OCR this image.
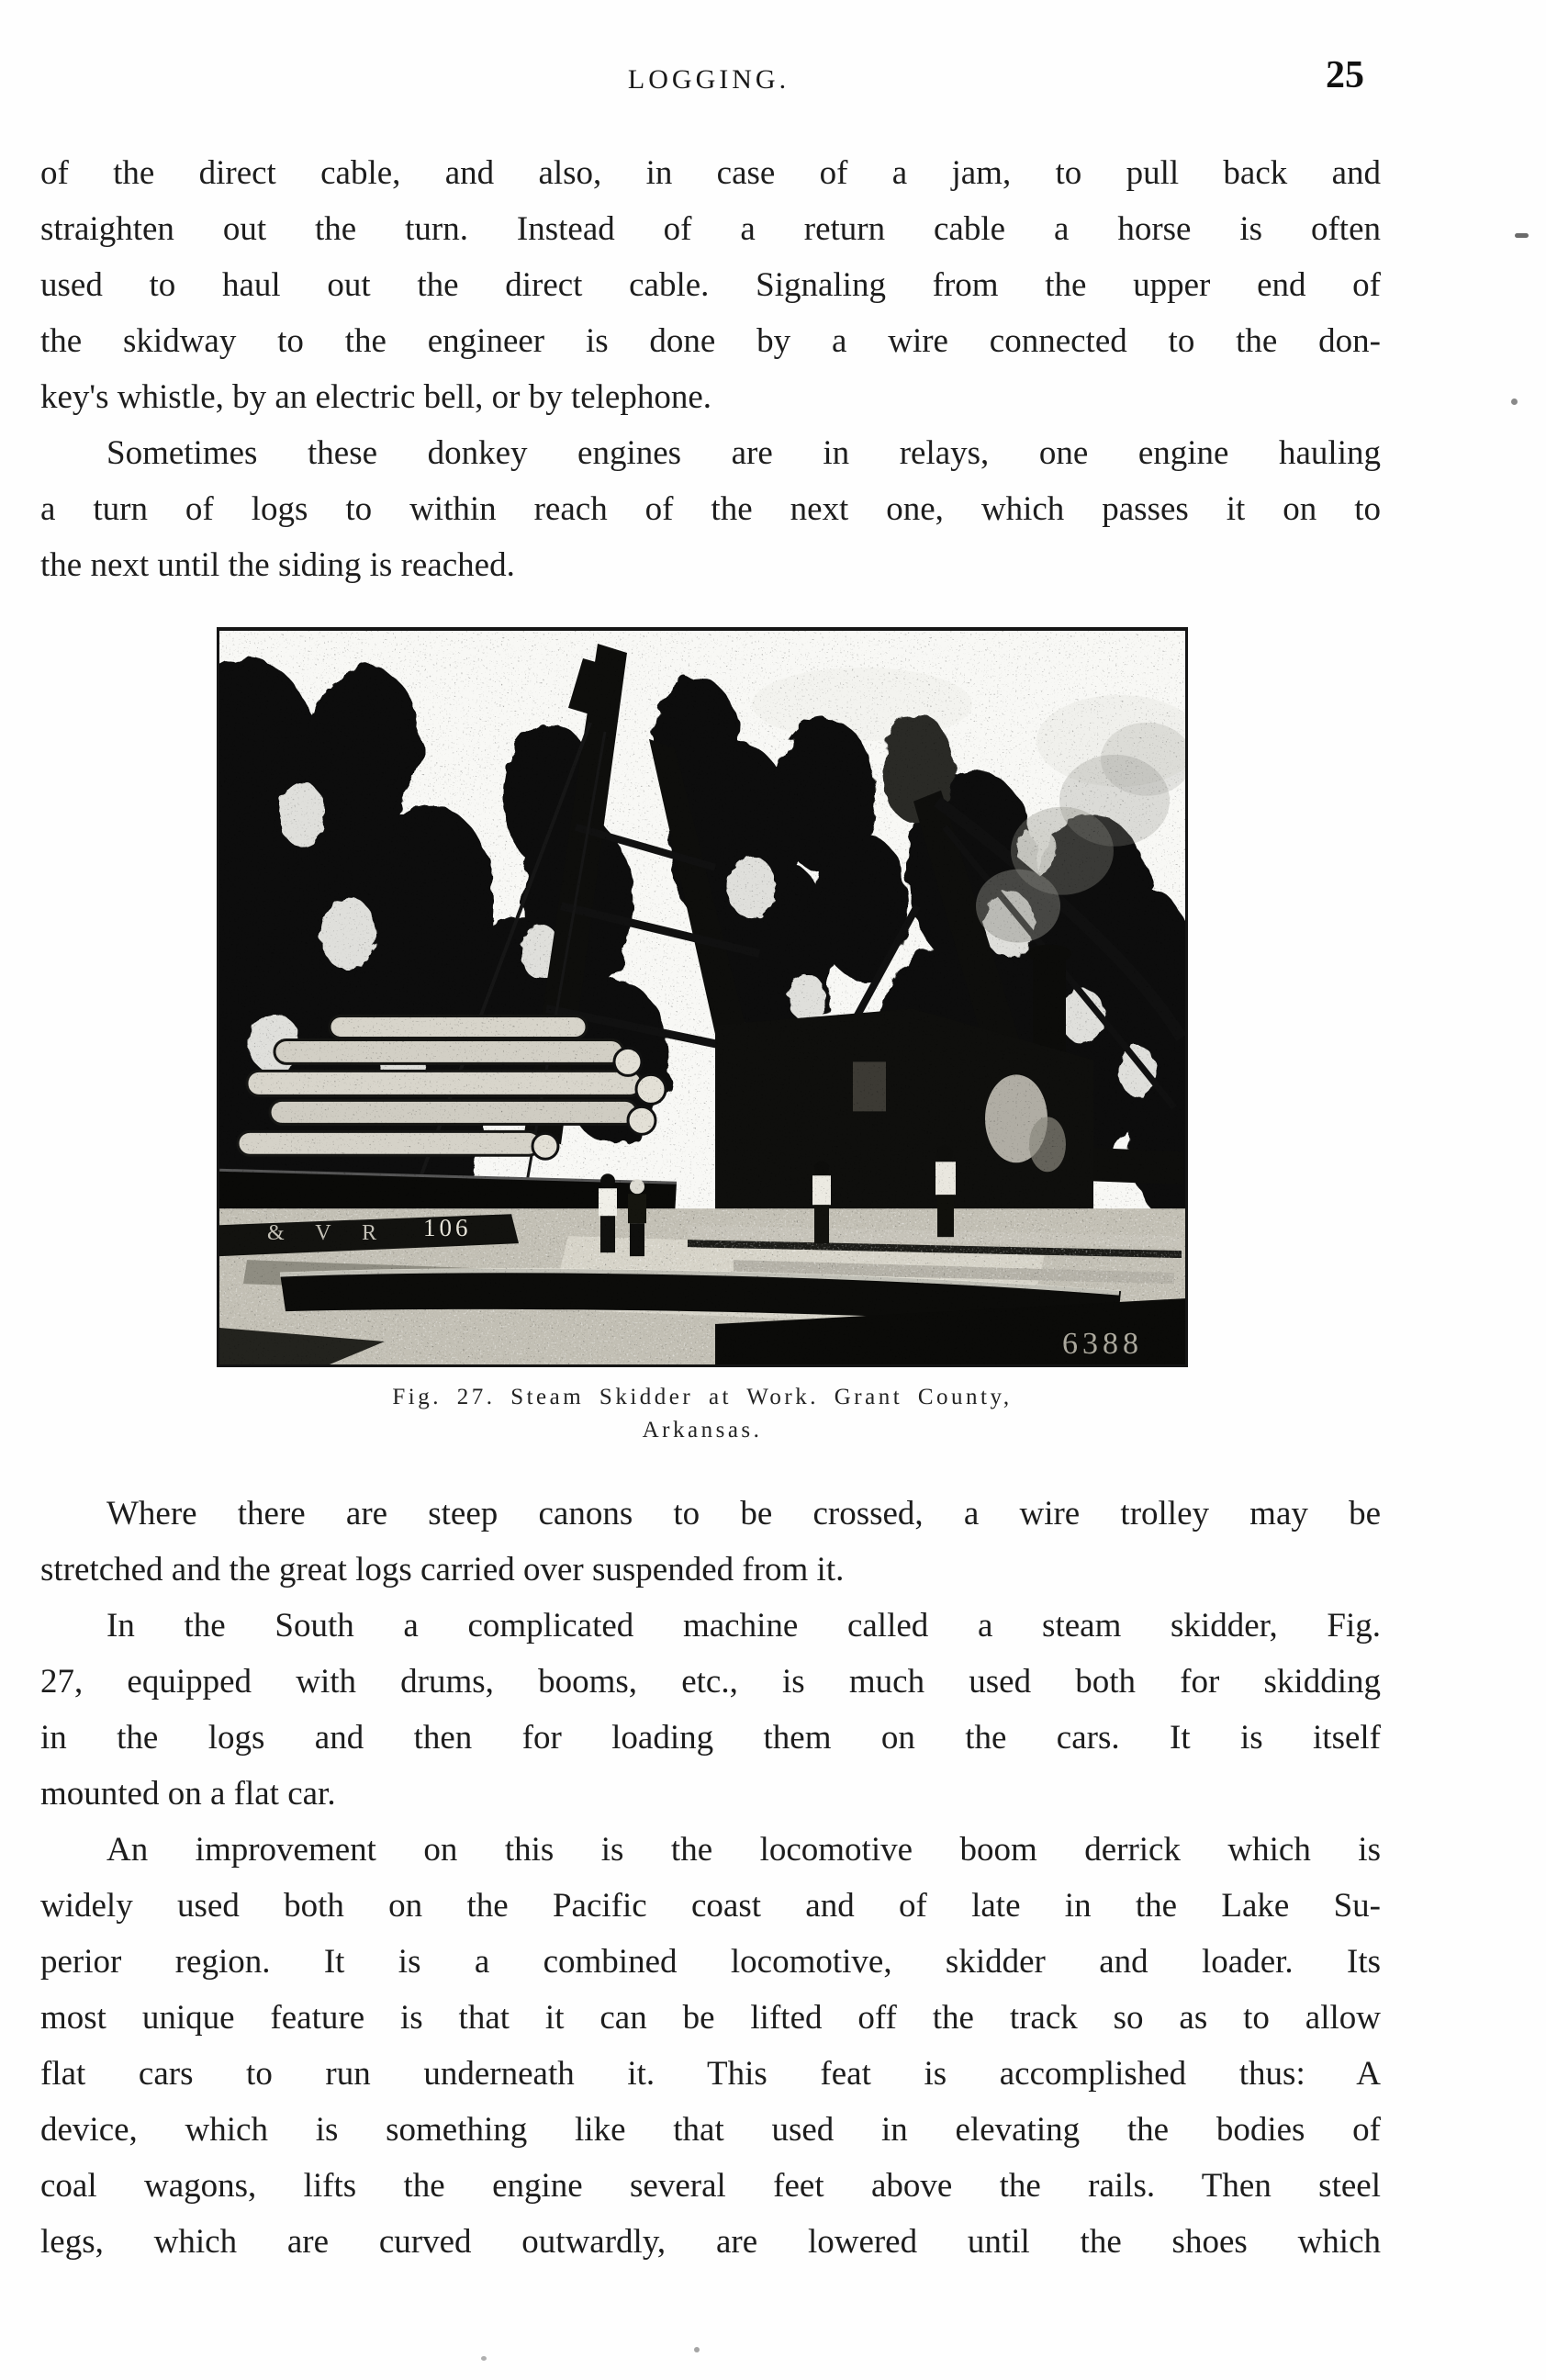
LOGGING.	25
of the direct cable, and also, in case of a jam, to pull back and
straighten out the turn. Instead of a return cable a horse is often
used to haul out the direct cable. Signaling from the upper end of
the skidway to the engineer is done by a wire connected to the don-
key's whistle, by an electric bell, or by telephone.
Sometimes these donkey engines are in relays, one engine hauling
a turn of logs to within reach of the next one, which passes it on to
the next until the siding is reached.
& V R 106
6388
Fig. 27. Steam Skidder at Work. Grant County,
Arkansas.
Where there are steep canons to be crossed, a wire trolley may be
stretched and the great logs carried over suspended from it.
In the South a complicated machine called a steam skidder, Fig.
27, equipped with drums, booms, etc., is much used both for skidding
in the logs and then for loading them on the cars. It is itself
mounted on a flat car.
An improvement on this is the locomotive boom derrick which is
widely used both on the Pacific coast and of late in the Lake Su-
perior region. It is a combined locomotive, skidder and loader. Its
most unique feature is that it can be lifted off the track so as to allow
flat cars to run underneath it. This feat is accomplished thus: A
device, which is something like that used in elevating the bodies of
coal wagons, lifts the engine several feet above the rails. Then steel
legs, which are curved outwardly, are lowered until the shoes which
